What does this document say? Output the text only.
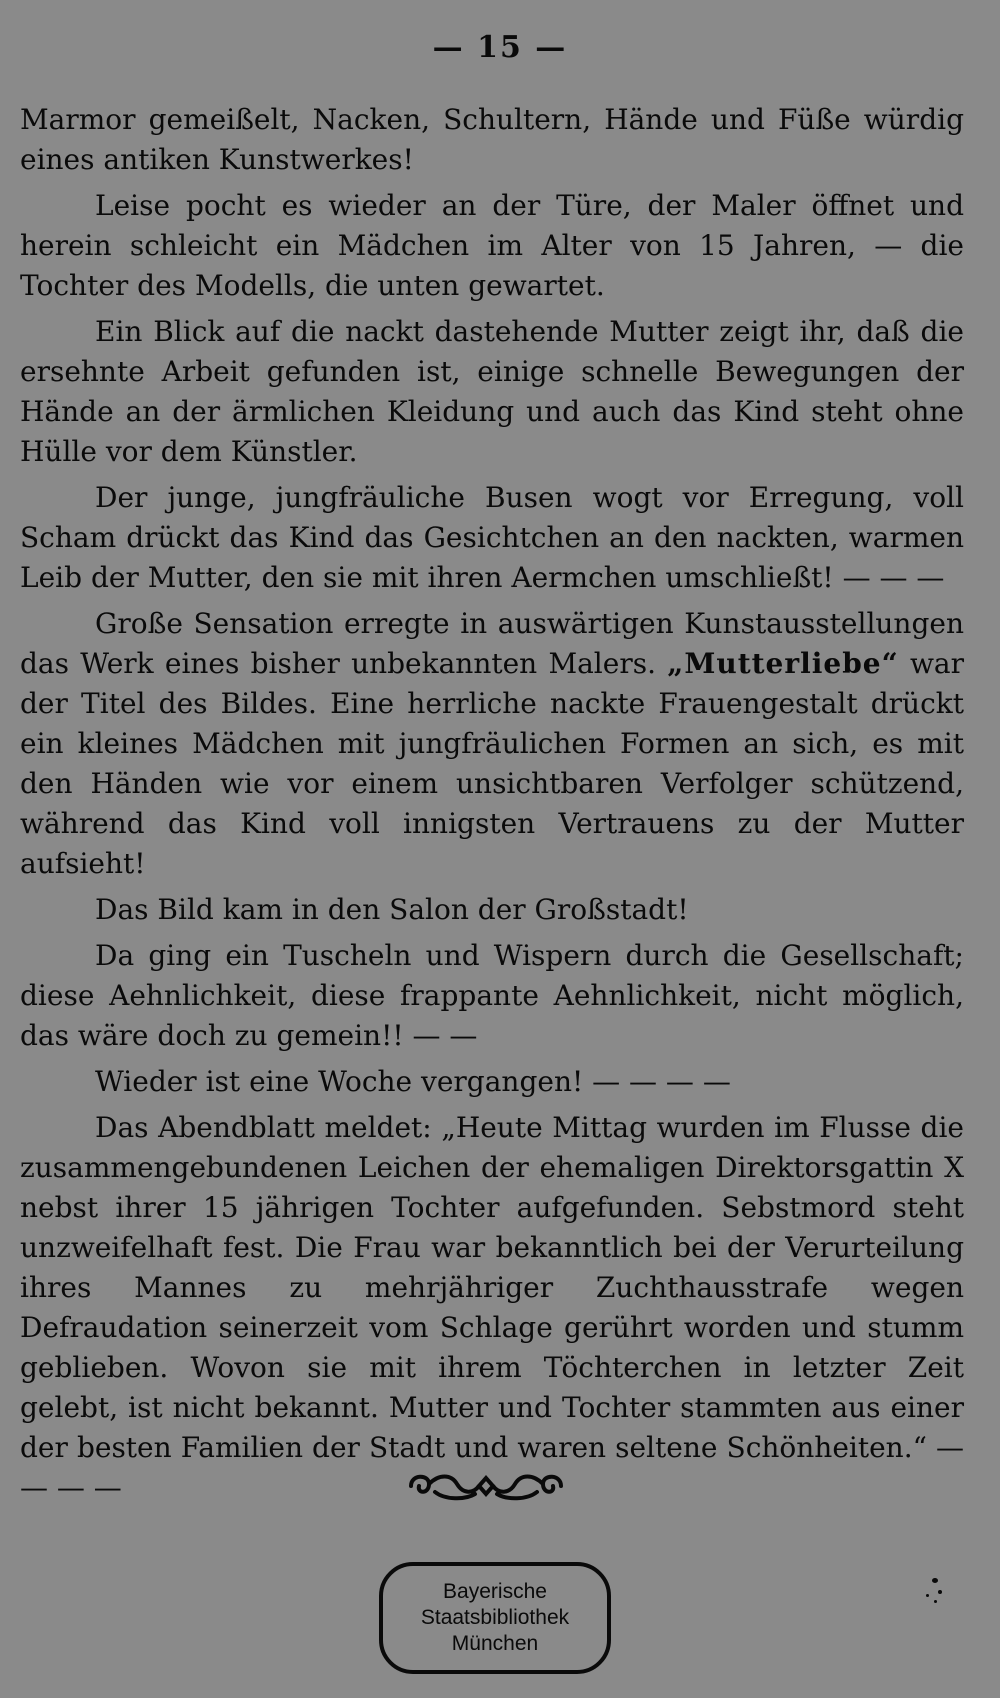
— 15 —

Marmor gemeißelt, Nacken, Schultern, Hände und Füße würdig eines antiken Kunstwerkes!

Leise pocht es wieder an der Türe, der Maler öffnet und herein schleicht ein Mädchen im Alter von 15 Jahren, — die Tochter des Modells, die unten gewartet.

Ein Blick auf die nackt dastehende Mutter zeigt ihr, daß die ersehnte Arbeit gefunden ist, einige schnelle Bewegungen der Hände an der ärmlichen Kleidung und auch das Kind steht ohne Hülle vor dem Künstler.

Der junge, jungfräuliche Busen wogt vor Erregung, voll Scham drückt das Kind das Gesichtchen an den nackten, warmen Leib der Mutter, den sie mit ihren Aermchen umschließt! — — —

Große Sensation erregte in auswärtigen Kunstausstellungen das Werk eines bisher unbekannten Malers. „Mutterliebe“ war der Titel des Bildes. Eine herrliche nackte Frauengestalt drückt ein kleines Mädchen mit jungfräulichen Formen an sich, es mit den Händen wie vor einem unsichtbaren Verfolger schützend, während das Kind voll innigsten Vertrauens zu der Mutter aufsieht!

Das Bild kam in den Salon der Großstadt!

Da ging ein Tuscheln und Wispern durch die Gesellschaft; diese Aehnlichkeit, diese frappante Aehnlichkeit, nicht möglich, das wäre doch zu gemein!! — —

Wieder ist eine Woche vergangen! — — — —

Das Abendblatt meldet: „Heute Mittag wurden im Flusse die zusammengebundenen Leichen der ehemaligen Direktorsgattin X nebst ihrer 15 jährigen Tochter aufgefunden. Sebstmord steht unzweifelhaft fest. Die Frau war bekanntlich bei der Verurteilung ihres Mannes zu mehrjähriger Zuchthausstrafe wegen Defraudation seinerzeit vom Schlage gerührt worden und stumm geblieben. Wovon sie mit ihrem Töchterchen in letzter Zeit gelebt, ist nicht bekannt. Mutter und Tochter stammten aus einer der besten Familien der Stadt und waren seltene Schönheiten.“ — — — —

Bayerische
Staatsbibliothek
München
